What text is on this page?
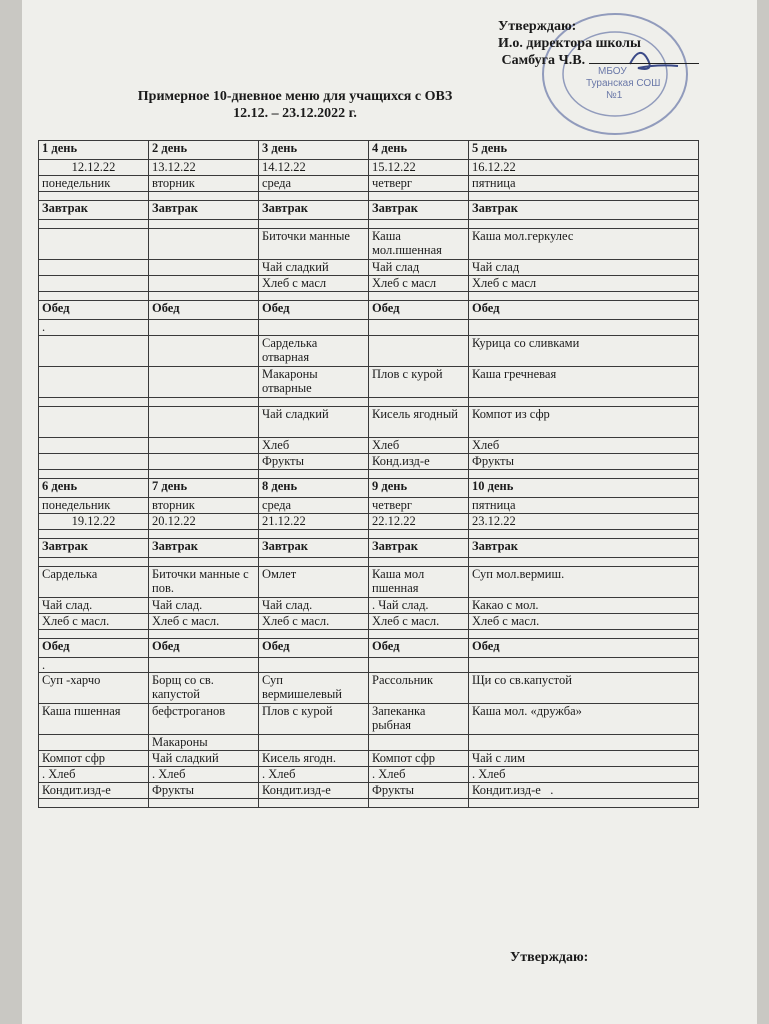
МБОУ
Туранская СОШ
№1
Утверждаю:
И.о. директора школы
Самбуга Ч.В.
Примерное 10-дневное меню для учащихся с ОВЗ
12.12. – 23.12.2022 г.
1 день	2 день	3 день	4 день	5 день
12.12.22	13.12.22	14.12.22	15.12.22	16.12.22
понедельник	вторник	среда	четверг	пятница

Завтрак	Завтрак	Завтрак	Завтрак	Завтрак

		Биточки манные	Каша мол.пшенная	Каша мол.геркулес
		Чай сладкий	Чай слад	Чай слад
		Хлеб с масл	Хлеб с масл	Хлеб с масл

Обед	Обед	Обед	Обед	Обед
.				
		Сарделька отварная		Курица со сливками
		Макароны отварные	Плов с курой	Каша гречневая

		Чай сладкий	Кисель ягодный	Компот из сфр
		Хлеб	Хлеб	Хлеб
		Фрукты	Конд.изд-е	Фрукты

6 день	7 день	8 день	9 день	10 день
понедельник	вторник	среда	четверг	пятница
19.12.22	20.12.22	21.12.22	22.12.22	23.12.22

Завтрак	Завтрак	Завтрак	Завтрак	Завтрак

Сарделька	Биточки манные с пов.	Омлет	Каша мол пшенная	Суп мол.вермиш.
Чай слад.	Чай слад.	Чай слад.	. Чай слад.	Какао с мол.
Хлеб с масл.	Хлеб с масл.	Хлеб с масл.	Хлеб с масл.	Хлеб с масл.

Обед	Обед	Обед	Обед	Обед
.				
Суп -харчо	Борщ со св. капустой	Суп вермишелевый	Рассольник	Щи со св.капустой
Каша пшенная	бефстроганов	Плов с курой	Запеканка рыбная	Каша мол. «дружба»
	Макароны			
Компот сфр	Чай сладкий	Кисель ягодн.	Компот сфр	Чай с лим
. Хлеб	. Хлеб	. Хлеб	. Хлеб	. Хлеб
Кондит.изд-е	Фрукты	Кондит.изд-е	Фрукты	Кондит.изд-е .

Утверждаю:
